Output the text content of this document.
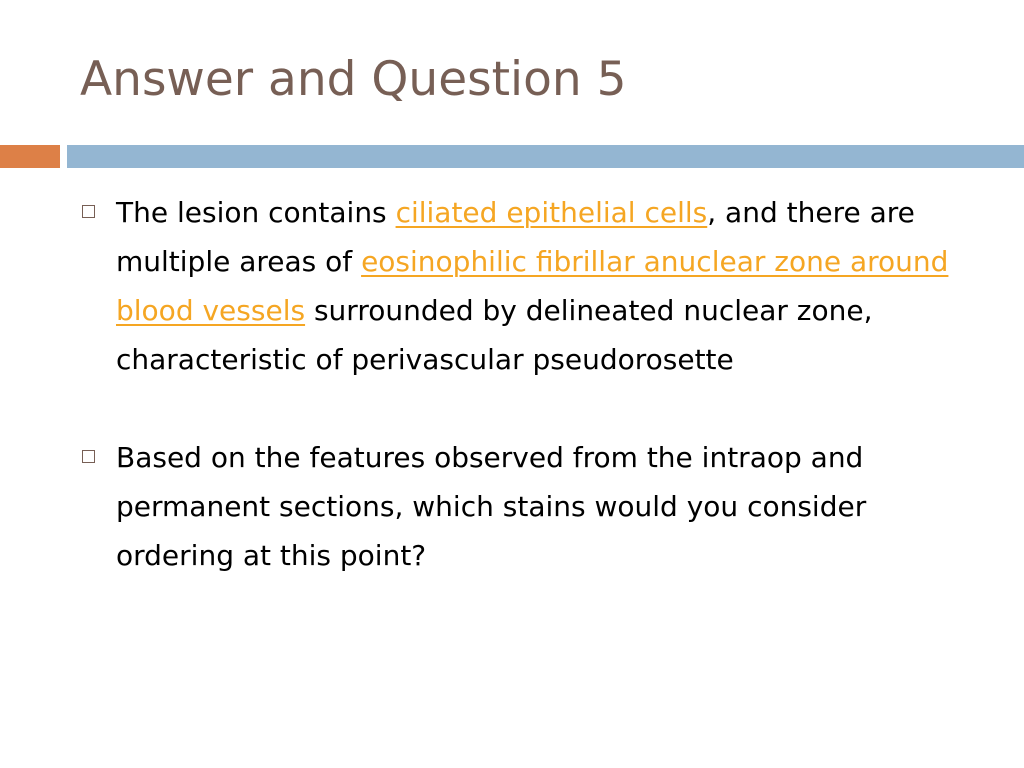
Answer and Question 5
The lesion contains ciliated epithelial cells, and there are multiple areas of eosinophilic fibrillar anuclear zone around blood vessels surrounded by delineated nuclear zone, characteristic of perivascular pseudorosette
Based on the features observed from the intraop and permanent sections, which stains would you consider ordering at this point?
